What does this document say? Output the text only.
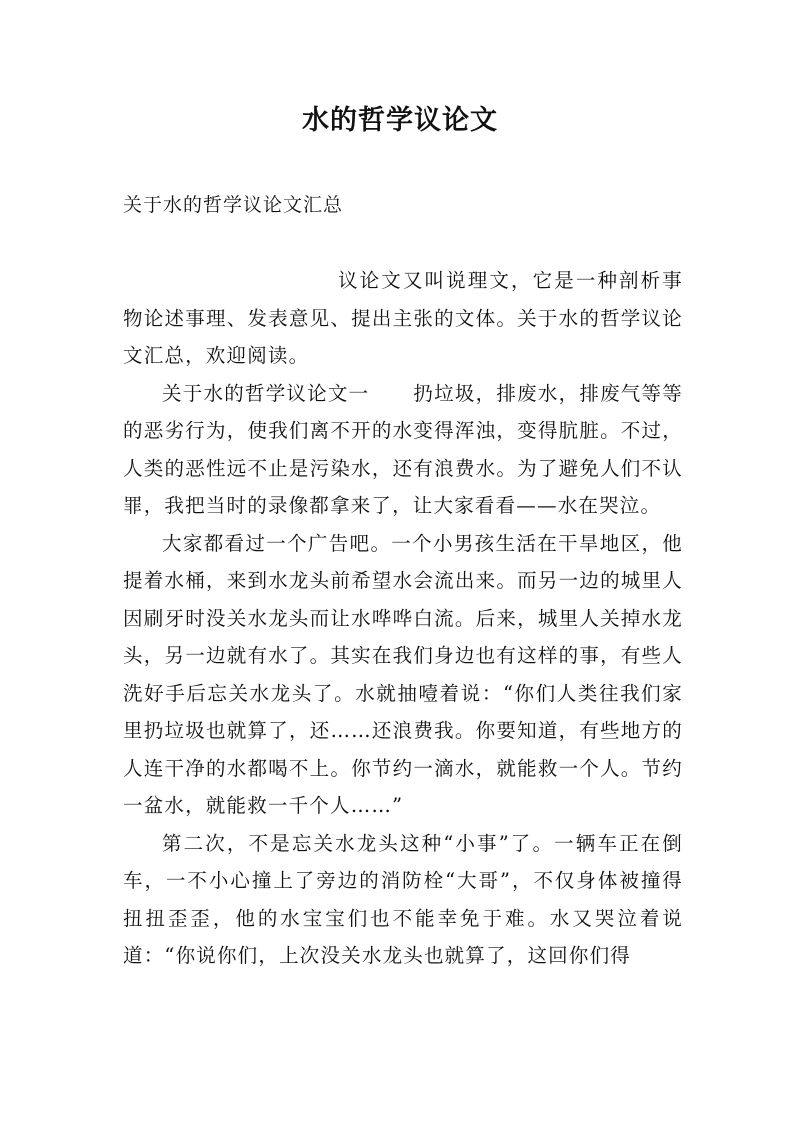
水的哲学议论文

关于水的哲学议论文汇总

议论文又叫说理文，它是一种剖析事物论述事理、发表意见、提出主张的文体。关于水的哲学议论文汇总，欢迎阅读。

关于水的哲学议论文一 扔垃圾，排废水，排废气等等的恶劣行为，使我们离不开的水变得浑浊，变得肮脏。不过，人类的恶性远不止是污染水，还有浪费水。为了避免人们不认罪，我把当时的录像都拿来了，让大家看看——水在哭泣。

大家都看过一个广告吧。一个小男孩生活在干旱地区，他提着水桶，来到水龙头前希望水会流出来。而另一边的城里人因刷牙时没关水龙头而让水哗哗白流。后来，城里人关掉水龙头，另一边就有水了。其实在我们身边也有这样的事，有些人洗好手后忘关水龙头了。水就抽噎着说：“你们人类往我们家里扔垃圾也就算了，还……还浪费我。你要知道，有些地方的人连干净的水都喝不上。你节约一滴水，就能救一个人。节约一盆水，就能救一千个人……”

第二次，不是忘关水龙头这种“小事”了。一辆车正在倒车，一不小心撞上了旁边的消防栓“大哥”，不仅身体被撞得扭扭歪歪，他的水宝宝们也不能幸免于难。水又哭泣着说道：“你说你们，上次没关水龙头也就算了，这回你们得
